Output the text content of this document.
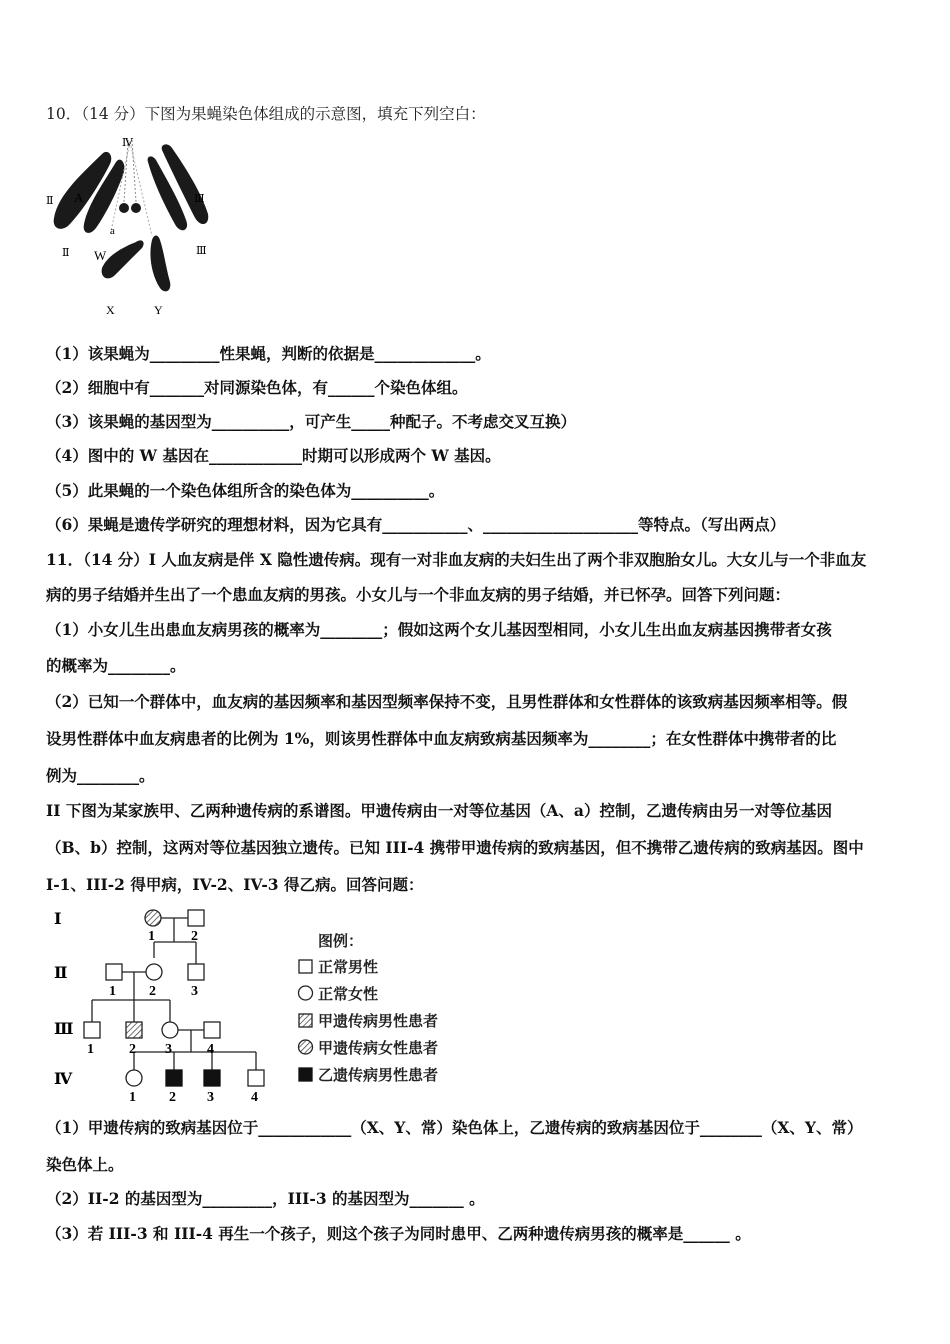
10．（14 分）下图为果蝇染色体组成的示意图，填充下列空白：
Ⅳ
Ⅱ A	Ⅲ
a
Ⅱ W	Ⅲ
X	Y
（1）该果蝇为_________性果蝇，判断的依据是_____________。
（2）细胞中有_______对同源染色体，有______个染色体组。
（3）该果蝇的基因型为__________，可产生_____种配子。不考虑交叉互换）
（4）图中的 W 基因在____________时期可以形成两个 W 基因。
（5）此果蝇的一个染色体组所含的染色体为__________。
（6）果蝇是遗传学研究的理想材料，因为它具有___________、____________________等特点。（写出两点）
11．（14 分）I 人血友病是伴 X 隐性遗传病。现有一对非血友病的夫妇生出了两个非双胞胎女儿。大女儿与一个非血友
病的男子结婚并生出了一个患血友病的男孩。小女儿与一个非血友病的男子结婚，并已怀孕。回答下列问题：
（1）小女儿生出患血友病男孩的概率为________；假如这两个女儿基因型相同，小女儿生出血友病基因携带者女孩
的概率为________。
（2）已知一个群体中，血友病的基因频率和基因型频率保持不变，且男性群体和女性群体的该致病基因频率相等。假
设男性群体中血友病患者的比例为 1%，则该男性群体中血友病致病基因频率为________；在女性群体中携带者的比
例为________。
II 下图为某家族甲、乙两种遗传病的系谱图。甲遗传病由一对等位基因（A、a）控制，乙遗传病由另一对等位基因
（B、b）控制，这两对等位基因独立遗传。已知 III-4 携带甲遗传病的致病基因，但不携带乙遗传病的致病基因。图中
I-1、III-2 得甲病，IV-2、IV-3 得乙病。回答问题：
Ⅰ
Ⅱ
Ⅲ
Ⅳ
1	2
1 2	3
1	2 3	4
1 2 3	4
图例：
正常男性
正常女性
甲遗传病男性患者
甲遗传病女性患者
乙遗传病男性患者
（1）甲遗传病的致病基因位于____________（X、Y、常）染色体上，乙遗传病的致病基因位于________（X、Y、常）
染色体上。
（2）II-2 的基因型为_________，III-3 的基因型为_______ 。
（3）若 III-3 和 III-4 再生一个孩子，则这个孩子为同时患甲、乙两种遗传病男孩的概率是______ 。
